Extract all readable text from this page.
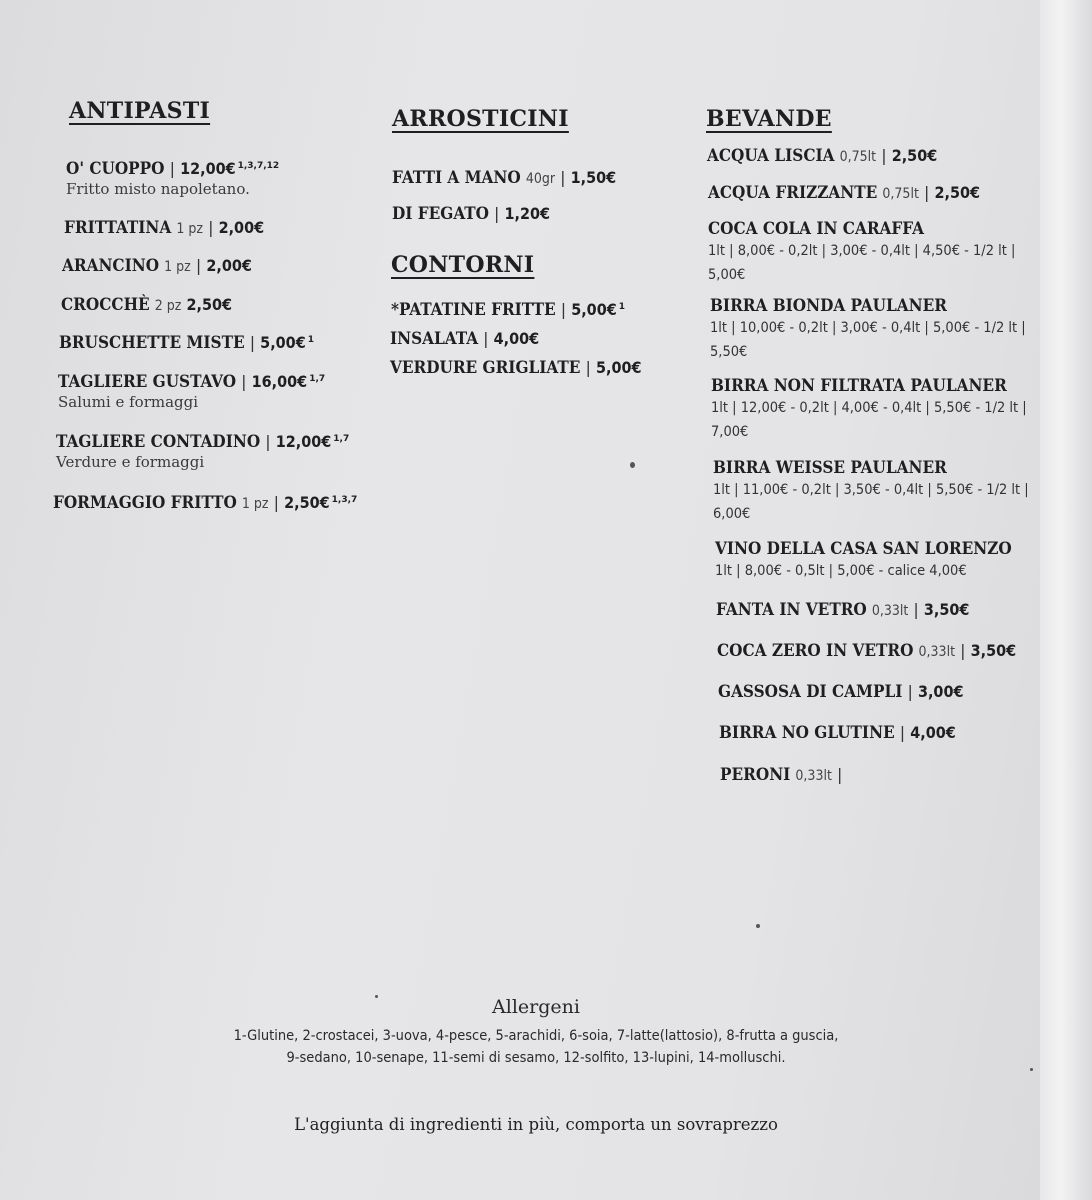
ANTIPASTI
O' CUOPPO | 12,00€ $^{1,3,7,12}$
Fritto misto napoletano.
FRITTATINA 1 pz | 2,00€
ARANCINO 1 pz | 2,00€
CROCCHÈ 2 pz 2,50€
BRUSCHETTE MISTE | 5,00€ $^1$
TAGLIERE GUSTAVO | 16,00€ $^{1,7}$
Salumi e formaggi
TAGLIERE CONTADINO | 12,00€ $^{1,7}$
Verdure e formaggi
FORMAGGIO FRITTO 1 pz | 2,50€ $^{1,3,7}$
ARROSTICINI
FATTI A MANO 40gr | 1,50€
DI FEGATO | 1,20€
CONTORNI
*PATATINE FRITTE | 5,00€ $^1$
INSALATA | 4,00€
VERDURE GRIGLIATE | 5,00€
BEVANDE
ACQUA LISCIA 0,75lt | 2,50€
ACQUA FRIZZANTE 0,75lt | 2,50€
COCA COLA IN CARAFFA
1lt | 8,00€ - 0,2lt | 3,00€ - 0,4lt | 4,50€ - 1/2 lt | 5,00€
BIRRA BIONDA PAULANER
1lt | 10,00€ - 0,2lt | 3,00€ - 0,4lt | 5,00€ - 1/2 lt | 5,50€
BIRRA NON FILTRATA PAULANER
1lt | 12,00€ - 0,2lt | 4,00€ - 0,4lt | 5,50€ - 1/2 lt | 7,00€
BIRRA WEISSE PAULANER
1lt | 11,00€ - 0,2lt | 3,50€ - 0,4lt | 5,50€ - 1/2 lt | 6,00€
VINO DELLA CASA SAN LORENZO
1lt | 8,00€ - 0,5lt | 5,00€ - calice 4,00€
FANTA IN VETRO 0,33lt | 3,50€
COCA ZERO IN VETRO 0,33lt | 3,50€
GASSOSA DI CAMPLI | 3,00€
BIRRA NO GLUTINE | 4,00€
PERONI 0,33lt |
Allergeni
1-Glutine, 2-crostacei, 3-uova, 4-pesce, 5-arachidi, 6-soia, 7-latte(lattosio), 8-frutta a guscia,
9-sedano, 10-senape, 11-semi di sesamo, 12-solfito, 13-lupini, 14-molluschi.
L'aggiunta di ingredienti in più, comporta un sovraprezzo
